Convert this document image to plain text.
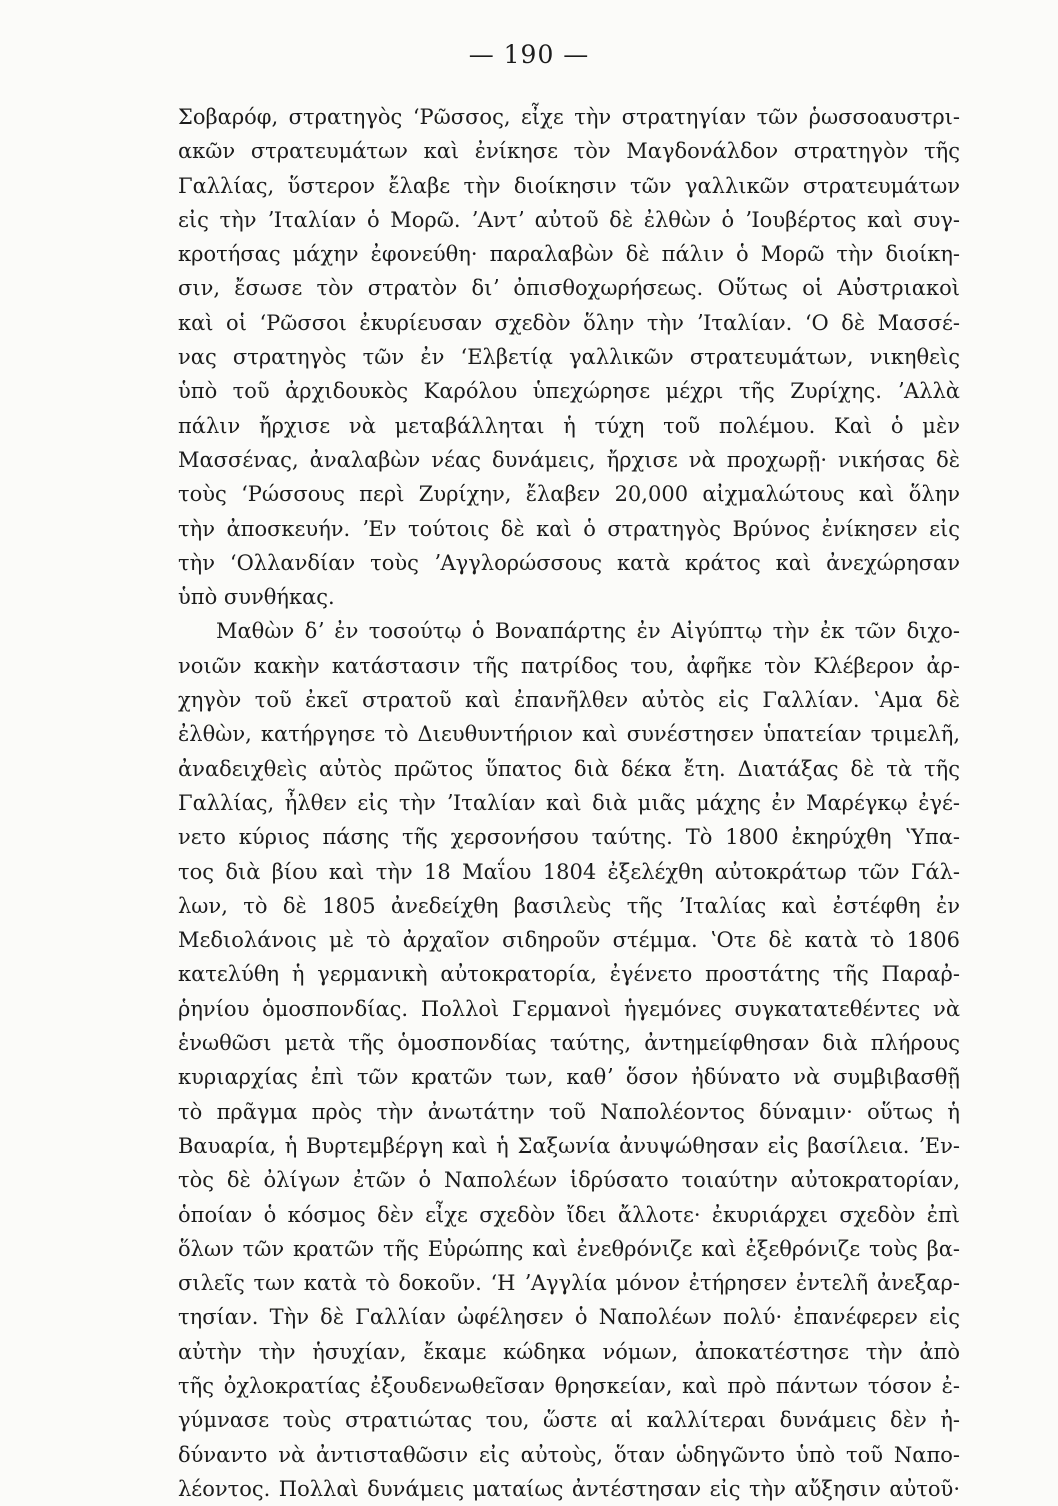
— 190 —
Σοβαρόφ, στρατηγὸς ʻΡῶσσος, εἶχε τὴν στρατηγίαν τῶν ῥωσσοαυστρι-
ακῶν στρατευμάτων καὶ ἐνίκησε τὸν Μαγδονάλδον στρατηγὸν τῆς
Γαλλίας, ὕστερον ἔλαβε τὴν διοίκησιν τῶν γαλλικῶν στρατευμάτων
εἰς τὴν ʼΙταλίαν ὁ Μορῶ. ʼΑντʼ αὐτοῦ δὲ ἐλθὼν ὁ ʼΙουβέρτος καὶ συγ-
κροτήσας μάχην ἐφονεύθη· παραλαβὼν δὲ πάλιν ὁ Μορῶ τὴν διοίκη-
σιν, ἔσωσε τὸν στρατὸν διʼ ὀπισθοχωρήσεως. Οὕτως οἱ Αὐστριακοὶ
καὶ οἱ ʻΡῶσσοι ἐκυρίευσαν σχεδὸν ὅλην τὴν ʼΙταλίαν. ʻΟ δὲ Μασσέ-
νας στρατηγὸς τῶν ἐν ʻΕλβετίᾳ γαλλικῶν στρατευμάτων, νικηθεὶς
ὑπὸ τοῦ ἀρχιδουκὸς Καρόλου ὑπεχώρησε μέχρι τῆς Ζυρίχης. ʼΑλλὰ
πάλιν ἤρχισε νὰ μεταβάλληται ἡ τύχη τοῦ πολέμου. Καὶ ὁ μὲν
Μασσένας, ἀναλαβὼν νέας δυνάμεις, ἤρχισε νὰ προχωρῇ· νικήσας δὲ
τοὺς ʻΡώσσους περὶ Ζυρίχην, ἔλαβεν 20,000 αἰχμαλώτους καὶ ὅλην
τὴν ἀποσκευήν. ʼΕν τούτοις δὲ καὶ ὁ στρατηγὸς Βρύνος ἐνίκησεν εἰς
τὴν ʻΟλλανδίαν τοὺς ʼΑγγλορώσσους κατὰ κράτος καὶ ἀνεχώρησαν
ὑπὸ συνθήκας.
Μαθὼν δʼ ἐν τοσούτῳ ὁ Βοναπάρτης ἐν Αἰγύπτῳ τὴν ἐκ τῶν διχο-
νοιῶν κακὴν κατάστασιν τῆς πατρίδος του, ἀφῆκε τὸν Κλέβερον ἀρ-
χηγὸν τοῦ ἐκεῖ στρατοῦ καὶ ἐπανῆλθεν αὐτὸς εἰς Γαλλίαν. ʽΑμα δὲ
ἐλθὼν, κατήργησε τὸ Διευθυντήριον καὶ συνέστησεν ὑπατείαν τριμελῆ,
ἀναδειχθεὶς αὐτὸς πρῶτος ὕπατος διὰ δέκα ἔτη. Διατάξας δὲ τὰ τῆς
Γαλλίας, ἦλθεν εἰς τὴν ʼΙταλίαν καὶ διὰ μιᾶς μάχης ἐν Μαρέγκῳ ἐγέ-
νετο κύριος πάσης τῆς χερσονήσου ταύτης. Τὸ 1800 ἐκηρύχθη ʽΥπα-
τος διὰ βίου καὶ τὴν 18 Μαΐου 1804 ἐξελέχθη αὐτοκράτωρ τῶν Γάλ-
λων, τὸ δὲ 1805 ἀνεδείχθη βασιλεὺς τῆς ʼΙταλίας καὶ ἐστέφθη ἐν
Μεδιολάνοις μὲ τὸ ἀρχαῖον σιδηροῦν στέμμα. ʽΟτε δὲ κατὰ τὸ 1806
κατελύθη ἡ γερμανικὴ αὐτοκρατορία, ἐγένετο προστάτης τῆς Παραῤ-
ῥηνίου ὁμοσπονδίας. Πολλοὶ Γερμανοὶ ἡγεμόνες συγκατατεθέντες νὰ
ἑνωθῶσι μετὰ τῆς ὁμοσπονδίας ταύτης, ἀντημείφθησαν διὰ πλήρους
κυριαρχίας ἐπὶ τῶν κρατῶν των, καθʼ ὅσον ἠδύνατο νὰ συμβιβασθῇ
τὸ πρᾶγμα πρὸς τὴν ἀνωτάτην τοῦ Ναπολέοντος δύναμιν· οὕτως ἡ
Βαυαρία, ἡ Βυρτεμβέργη καὶ ἡ Σαξωνία ἀνυψώθησαν εἰς βασίλεια. ʼΕν-
τὸς δὲ ὀλίγων ἐτῶν ὁ Ναπολέων ἱδρύσατο τοιαύτην αὐτοκρατορίαν,
ὁποίαν ὁ κόσμος δὲν εἶχε σχεδὸν ἴδει ἄλλοτε· ἐκυριάρχει σχεδὸν ἐπὶ
ὅλων τῶν κρατῶν τῆς Εὐρώπης καὶ ἐνεθρόνιζε καὶ ἐξεθρόνιζε τοὺς βα-
σιλεῖς των κατὰ τὸ δοκοῦν. ʻΗ ʼΑγγλία μόνον ἐτήρησεν ἐντελῆ ἀνεξαρ-
τησίαν. Τὴν δὲ Γαλλίαν ὠφέλησεν ὁ Ναπολέων πολύ· ἐπανέφερεν εἰς
αὐτὴν τὴν ἡσυχίαν, ἔκαμε κώδηκα νόμων, ἀποκατέστησε τὴν ἀπὸ
τῆς ὀχλοκρατίας ἐξουδενωθεῖσαν θρησκείαν, καὶ πρὸ πάντων τόσον ἐ-
γύμνασε τοὺς στρατιώτας του, ὥστε αἱ καλλίτεραι δυνάμεις δὲν ἠ-
δύναντο νὰ ἀντισταθῶσιν εἰς αὐτοὺς, ὅταν ὡδηγῶντο ὑπὸ τοῦ Ναπο-
λέοντος. Πολλαὶ δυνάμεις ματαίως ἀντέστησαν εἰς τὴν αὔξησιν αὐτοῦ·
